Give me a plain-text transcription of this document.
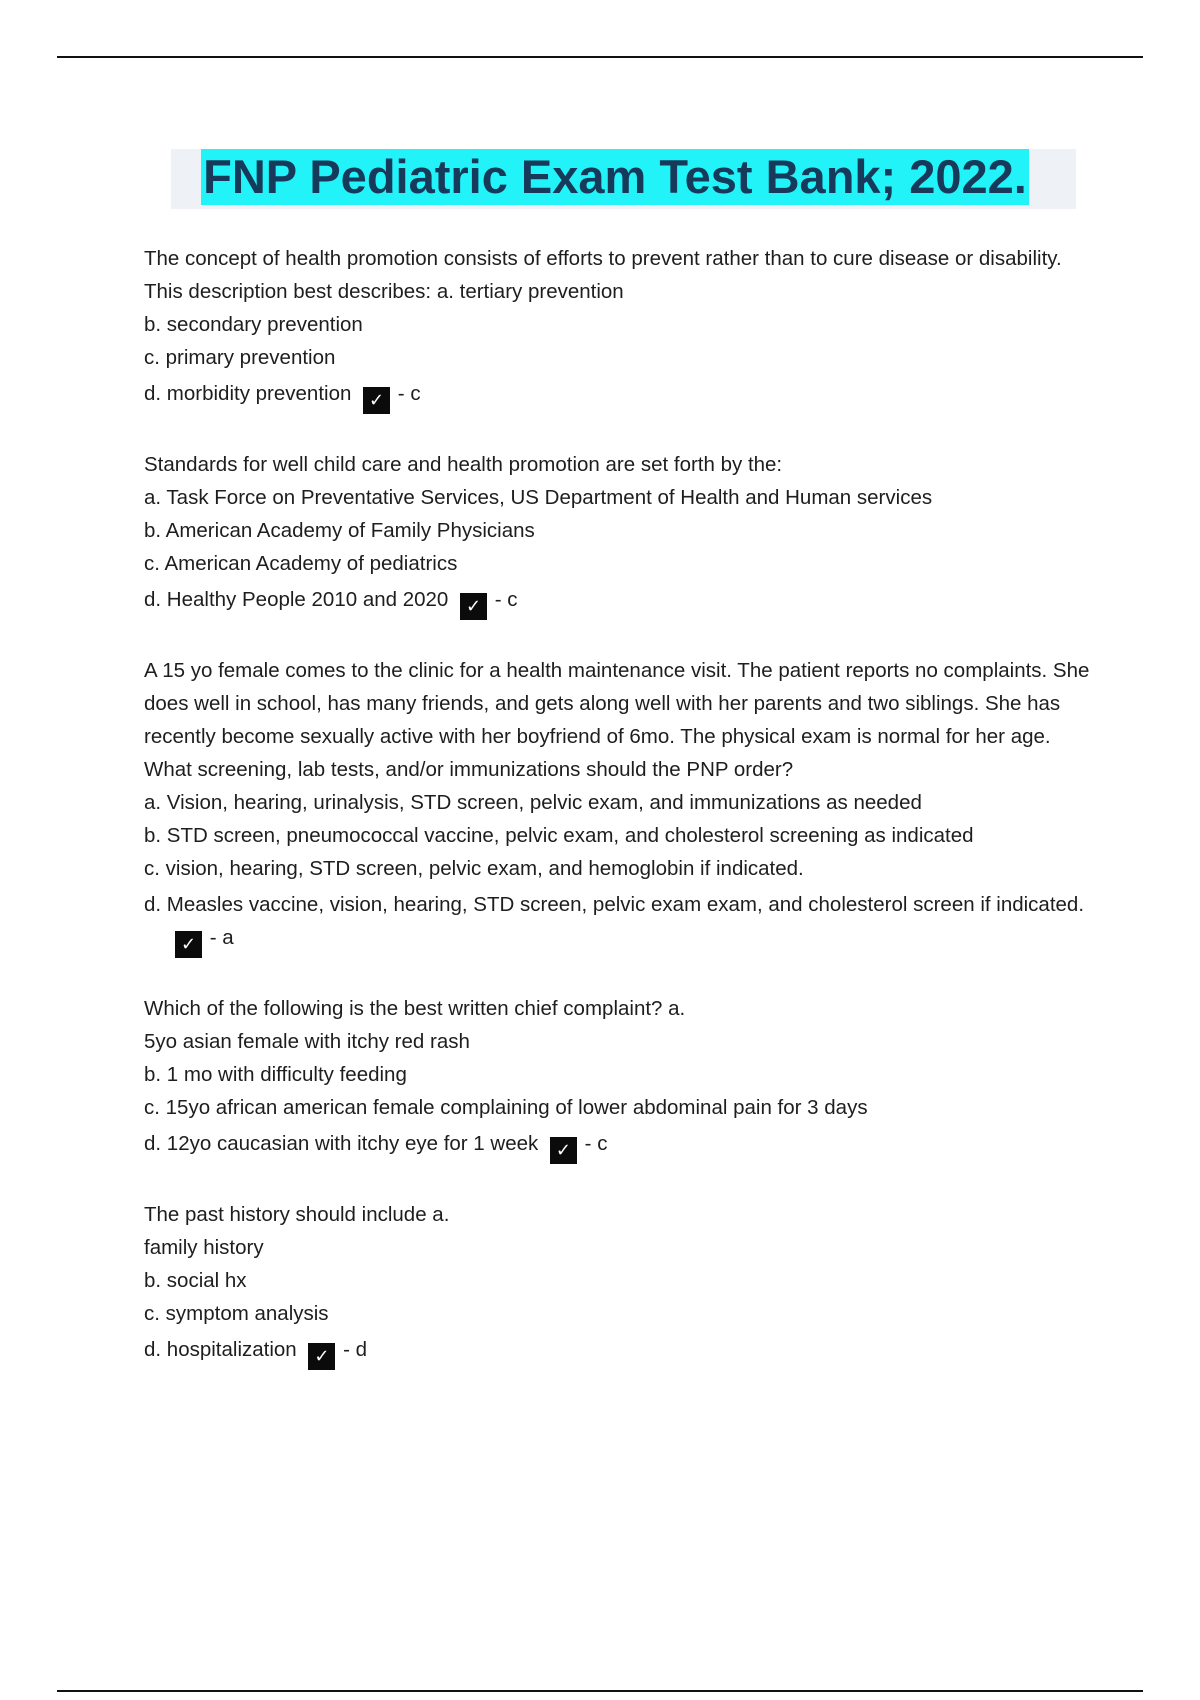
FNP Pediatric Exam Test Bank; 2022.

The concept of health promotion consists of efforts to prevent rather than to cure disease or disability. This description best describes: a. tertiary prevention

b. secondary prevention

c. primary prevention

d. morbidity prevention ✓ - c

Standards for well child care and health promotion are set forth by the:

a. Task Force on Preventative Services, US Department of Health and Human services

b. American Academy of Family Physicians

c. American Academy of pediatrics

d. Healthy People 2010 and 2020 ✓ - c

A 15 yo female comes to the clinic for a health maintenance visit. The patient reports no complaints. She does well in school, has many friends, and gets along well with her parents and two siblings. She has recently become sexually active with her boyfriend of 6mo. The physical exam is normal for her age. What screening, lab tests, and/or immunizations should the PNP order?

a. Vision, hearing, urinalysis, STD screen, pelvic exam, and immunizations as needed

b. STD screen, pneumococcal vaccine, pelvic exam, and cholesterol screening as indicated

c. vision, hearing, STD screen, pelvic exam, and hemoglobin if indicated.

d. Measles vaccine, vision, hearing, STD screen, pelvic exam exam, and cholesterol screen if indicated. ✓ - a

Which of the following is the best written chief complaint? a.

5yo asian female with itchy red rash

b. 1 mo with difficulty feeding

c. 15yo african american female complaining of lower abdominal pain for 3 days

d. 12yo caucasian with itchy eye for 1 week ✓ - c

The past history should include a.

family history

b. social hx

c. symptom analysis

d. hospitalization ✓ - d
